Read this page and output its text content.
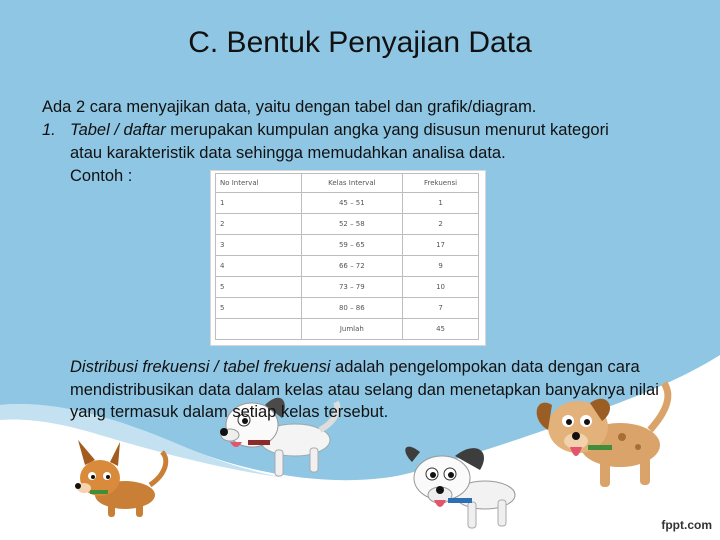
C. Bentuk Penyajian Data
Ada 2 cara menyajikan data, yaitu dengan tabel dan grafik/diagram.
1. Tabel / daftar merupakan kumpulan angka yang disusun menurut kategori
atau karakteristik data sehingga memudahkan analisa data.
Contoh :	No Interval	Kelas Interval	Frekuensi
1	45 – 51	1
2	52 – 58	2
3	59 – 65	17
4	66 – 72	9
5	73 – 79	10
5	80 – 86	7
	Jumlah	45
Distribusi frekuensi / tabel frekuensi adalah pengelompokan data dengan cara mendistribusikan data dalam kelas atau selang dan menetapkan banyaknya nilai yang termasuk dalam setiap kelas tersebut.
fppt.com
